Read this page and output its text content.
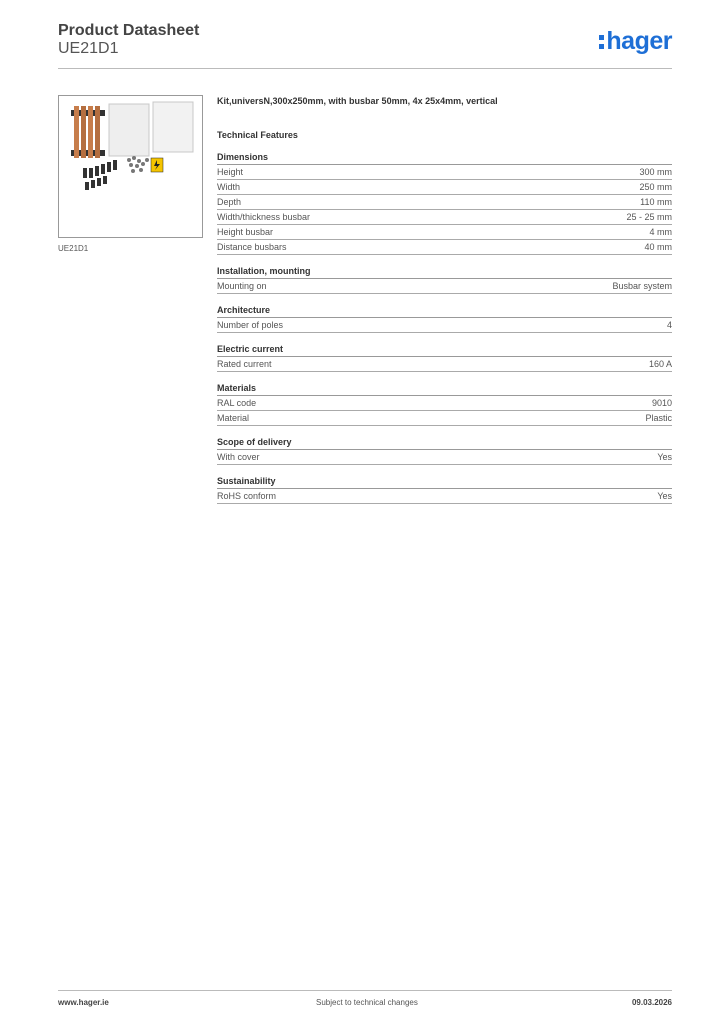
Product Datasheet
UE21D1	hager
UE21D1
Kit,universN,300x250mm, with busbar 50mm, 4x 25x4mm, vertical
Technical Features
Dimensions
Height	300 mm
Width	250 mm
Depth	110 mm
Width/thickness busbar	25 - 25 mm
Height busbar	4 mm
Distance busbars	40 mm
Installation, mounting
Mounting on	Busbar system
Architecture
Number of poles	4
Electric current
Rated current	160 A
Materials
RAL code	9010
Material	Plastic
Scope of delivery
With cover	Yes
Sustainability
RoHS conform	Yes
www.hager.ie	Subject to technical changes	09.03.2026
